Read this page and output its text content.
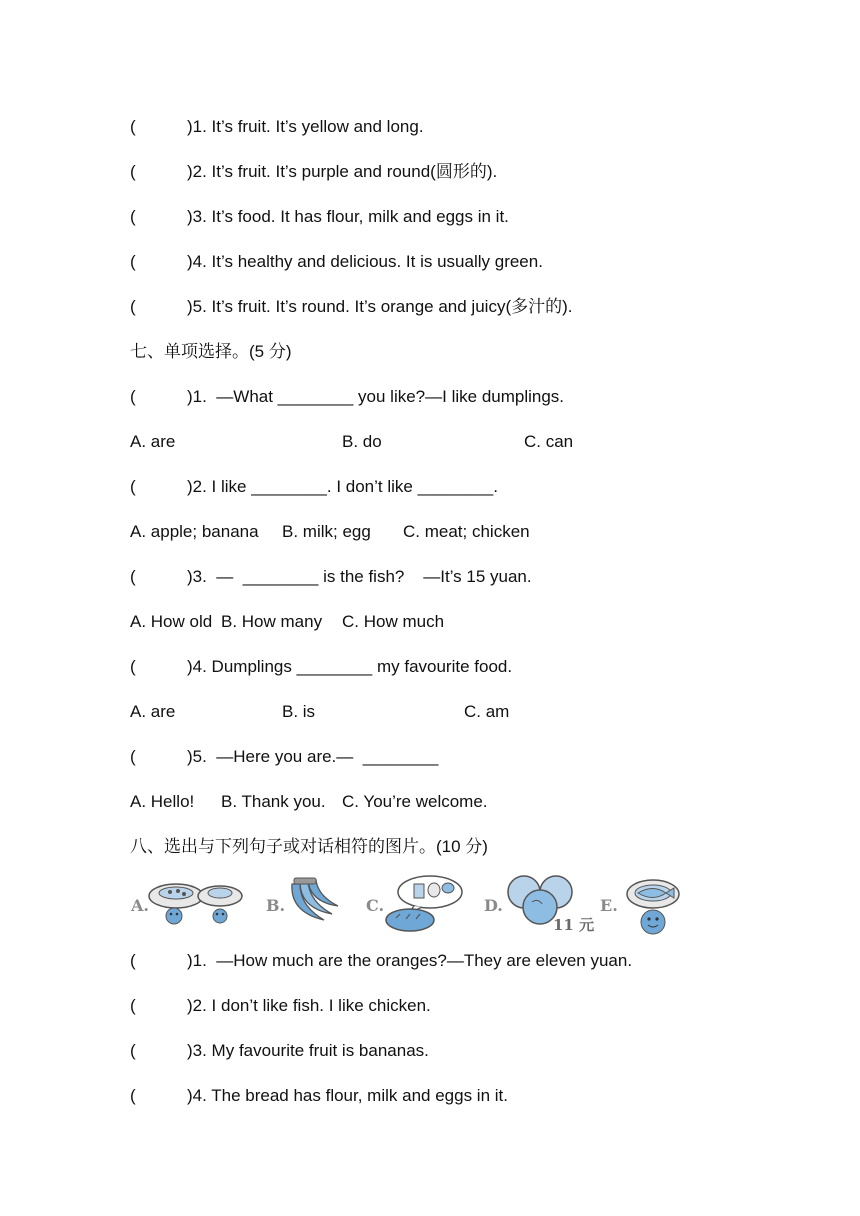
(	)1. It’s fruit. It’s yellow and long.
(	)2. It’s fruit. It’s purple and round(圆形的).
(	)3. It’s food. It has flour, milk and eggs in it.
(	)4. It’s healthy and delicious. It is usually green.
(	)5. It’s fruit. It’s round. It’s orange and juicy(多汁的).
七、单项选择。(5 分)
(	)1.  —What ________ you like?—I like dumplings.
A. are	B. do	C. can
(	)2. I like ________. I don’t like ________.
A. apple; banana B. milk; egg C. meat; chicken
(	)3.  —  ________ is the fish?    —It’s 15 yuan.
A. How old B. How many C. How much
(	)4. Dumplings ________ my favourite food.
A. are	B. is	C. am
(	)5.  —Here you are.—  ________
A. Hello! B. Thank you. C. You’re welcome.
八、选出与下列句子或对话相符的图片。(10 分)
A.	B.	C.	D.
11 元
E.
(	)1.  —How much are the oranges?—They are eleven yuan.
(	)2. I don’t like fish. I like chicken.
(	)3. My favourite fruit is bananas.
(	)4. The bread has flour, milk and eggs in it.
